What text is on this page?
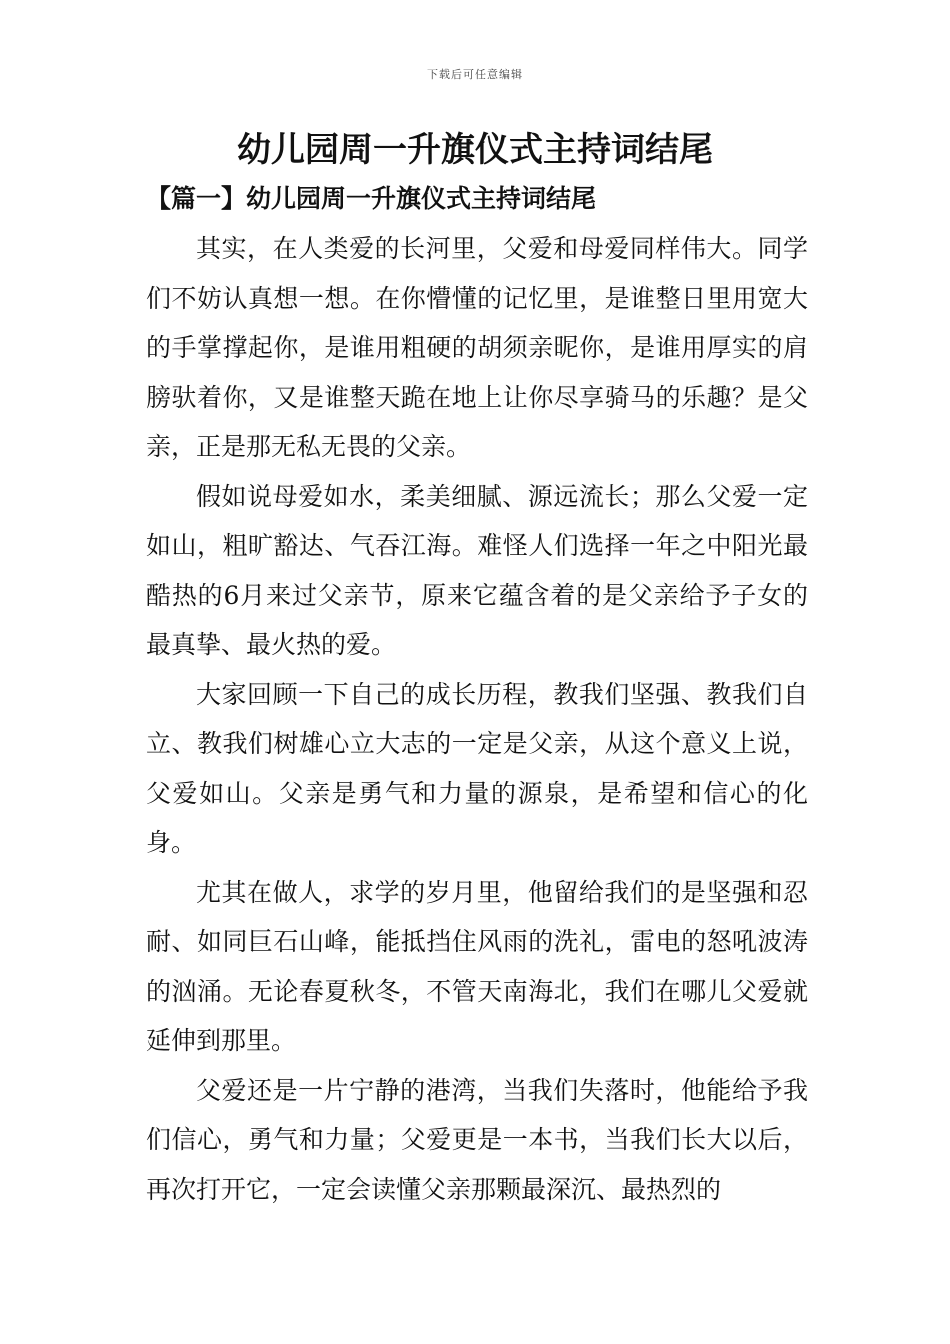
下载后可任意编辑
幼儿园周一升旗仪式主持词结尾
【篇一】幼儿园周一升旗仪式主持词结尾

其实，在人类爱的长河里，父爱和母爱同样伟大。同学们不妨认真想一想。在你懵懂的记忆里，是谁整日里用宽大的手掌撑起你，是谁用粗硬的胡须亲昵你，是谁用厚实的肩膀驮着你，又是谁整天跪在地上让你尽享骑马的乐趣？是父亲，正是那无私无畏的父亲。

假如说母爱如水，柔美细腻、源远流长；那么父爱一定如山，粗旷豁达、气吞江海。难怪人们选择一年之中阳光最酷热的6月来过父亲节，原来它蕴含着的是父亲给予子女的最真挚、最火热的爱。

大家回顾一下自己的成长历程，教我们坚强、教我们自立、教我们树雄心立大志的一定是父亲，从这个意义上说，父爱如山。父亲是勇气和力量的源泉，是希望和信心的化身。

尤其在做人，求学的岁月里，他留给我们的是坚强和忍耐、如同巨石山峰，能抵挡住风雨的洗礼，雷电的怒吼波涛的汹涌。无论春夏秋冬，不管天南海北，我们在哪儿父爱就延伸到那里。

父爱还是一片宁静的港湾，当我们失落时，他能给予我们信心，勇气和力量；父爱更是一本书，当我们长大以后，再次打开它，一定会读懂父亲那颗最深沉、最热烈的
